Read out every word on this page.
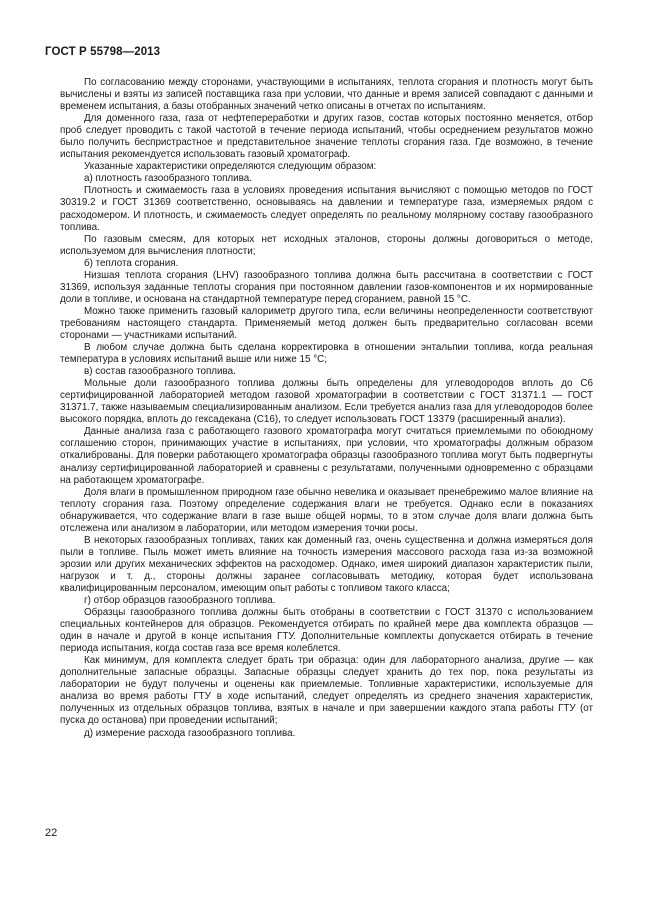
ГОСТ Р 55798—2013

По согласованию между сторонами, участвующими в испытаниях, теплота сгорания и плотность могут быть вычислены и взяты из записей поставщика газа при условии, что данные и время записей совпадают с данными и временем испытания, а базы отобранных значений четко описаны в отчетах по испытаниям.

Для доменного газа, газа от нефтепереработки и других газов, состав которых постоянно меняется, отбор проб следует проводить с такой частотой в течение периода испытаний, чтобы осреднением результатов можно было получить беспристрастное и представительное значение теплоты сгорания газа. Где возможно, в течение испытания рекомендуется использовать газовый хроматограф.

Указанные характеристики определяются следующим образом:

а) плотность газообразного топлива.

Плотность и сжимаемость газа в условиях проведения испытания вычисляют с помощью методов по ГОСТ 30319.2 и ГОСТ 31369 соответственно, основываясь на давлении и температуре газа, измеряемых рядом с расходомером. И плотность, и сжимаемость следует определять по реальному молярному составу газообразного топлива.

По газовым смесям, для которых нет исходных эталонов, стороны должны договориться о методе, используемом для вычисления плотности;

б) теплота сгорания.

Низшая теплота сгорания (LHV) газообразного топлива должна быть рассчитана в соответствии с ГОСТ 31369, используя заданные теплоты сгорания при постоянном давлении газов-компонентов и их нормированные доли в топливе, и основана на стандартной температуре перед сгоранием, равной 15 °С.

Можно также применить газовый калориметр другого типа, если величины неопределенности соответствуют требованиям настоящего стандарта. Применяемый метод должен быть предварительно согласован всеми сторонами — участниками испытаний.

В любом случае должна быть сделана корректировка в отношении энтальпии топлива, когда реальная температура в условиях испытаний выше или ниже 15 °С;

в) состав газообразного топлива.

Мольные доли газообразного топлива должны быть определены для углеводородов вплоть до С6 сертифицированной лабораторией методом газовой хроматографии в соответствии с ГОСТ 31371.1 — ГОСТ 31371.7, также называемым специализированным анализом. Если требуется анализ газа для углеводородов более высокого порядка, вплоть до гексадекана (С16), то следует использовать ГОСТ 13379 (расширенный анализ).

Данные анализа газа с работающего газового хроматографа могут считаться приемлемыми по обоюдному соглашению сторон, принимающих участие в испытаниях, при условии, что хроматографы должным образом откалиброваны. Для поверки работающего хроматографа образцы газообразного топлива могут быть подвергнуты анализу сертифицированной лабораторией и сравнены с результатами, полученными одновременно с образцами на работающем хроматографе.

Доля влаги в промышленном природном газе обычно невелика и оказывает пренебрежимо малое влияние на теплоту сгорания газа. Поэтому определение содержания влаги не требуется. Однако если в показаниях обнаруживается, что содержание влаги в газе выше общей нормы, то в этом случае доля влаги должна быть отслежена или анализом в лаборатории, или методом измерения точки росы.

В некоторых газообразных топливах, таких как доменный газ, очень существенна и должна измеряться доля пыли в топливе. Пыль может иметь влияние на точность измерения массового расхода газа из-за возможной эрозии или других механических эффектов на расходомер. Однако, имея широкий диапазон характеристик пыли, нагрузок и т. д., стороны должны заранее согласовывать методику, которая будет использована квалифицированным персоналом, имеющим опыт работы с топливом такого класса;

г) отбор образцов газообразного топлива.

Образцы газообразного топлива должны быть отобраны в соответствии с ГОСТ 31370 с использованием специальных контейнеров для образцов. Рекомендуется отбирать по крайней мере два комплекта образцов — один в начале и другой в конце испытания ГТУ. Дополнительные комплекты допускается отбирать в течение периода испытания, когда состав газа все время колеблется.

Как минимум, для комплекта следует брать три образца: один для лабораторного анализа, другие — как дополнительные запасные образцы. Запасные образцы следует хранить до тех пор, пока результаты из лаборатории не будут получены и оценены как приемлемые. Топливные характеристики, используемые для анализа во время работы ГТУ в ходе испытаний, следует определять из среднего значения характеристик, полученных из отдельных образцов топлива, взятых в начале и при завершении каждого этапа работы ГТУ (от пуска до останова) при проведении испытаний;

д) измерение расхода газообразного топлива.

22
